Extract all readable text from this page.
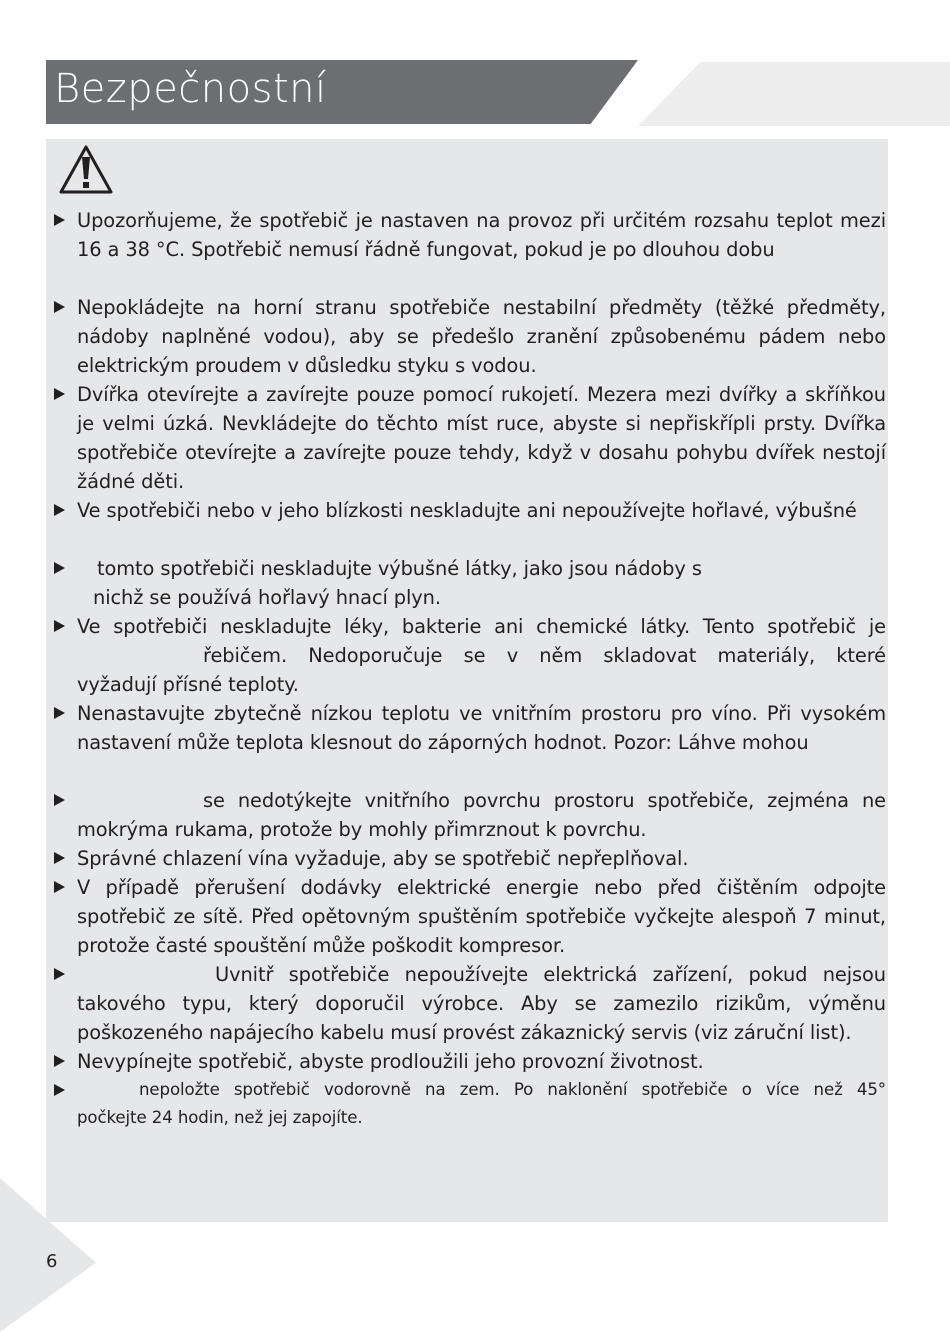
Bezpečnostní
Upozorňujeme, že spotřebič je nastaven na provoz při určitém rozsahu teplot mezi 16 a 38 °C. Spotřebič nemusí řádně fungovat, pokud je po dlouhou dobu
Nepokládejte na horní stranu spotřebiče nestabilní předměty (těžké předměty, nádoby naplněné vodou), aby se předešlo zranění způsobenému pádem nebo elektrickým proudem v důsledku styku s vodou.
Dvířka otevírejte a zavírejte pouze pomocí rukojetí. Mezera mezi dvířky a skříňkou je velmi úzká. Nevkládejte do těchto míst ruce, abyste si nepřiskřípli prsty. Dvířka spotřebiče otevírejte a zavírejte pouze tehdy, když v dosahu pohybu dvířek nestojí žádné děti.
Ve spotřebiči nebo v jeho blízkosti neskladujte ani nepoužívejte hořlavé, výbušné
tomto spotřebiči neskladujte výbušné látky, jako jsou nádoby s
nichž se používá hořlavý hnací plyn.
Ve spotřebiči neskladujte léky, bakterie ani chemické látky. Tento spotřebič je
řebičem. Nedoporučuje se v něm skladovat materiály, které
vyžadují přísné teploty.
Nenastavujte zbytečně nízkou teplotu ve vnitřním prostoru pro víno. Při vysokém nastavení může teplota klesnout do záporných hodnot. Pozor: Láhve mohou
se nedotýkejte vnitřního povrchu prostoru spotřebiče, zejména ne
mokrýma rukama, protože by mohly přimrznout k povrchu.
Správné chlazení vína vyžaduje, aby se spotřebič nepřeplňoval.
V případě přerušení dodávky elektrické energie nebo před čištěním odpojte spotřebič ze sítě. Před opětovným spuštěním spotřebiče vyčkejte alespoň 7 minut, protože časté spouštění může poškodit kompresor.
Uvnitř spotřebiče nepoužívejte elektrická zařízení, pokud nejsou
takového typu, který doporučil výrobce. Aby se zamezilo rizikům, výměnu poškozeného napájecího kabelu musí provést zákaznický servis (viz záruční list).
Nevypínejte spotřebič, abyste prodloužili jeho provozní životnost.
nepoložte spotřebič vodorovně na zem. Po naklonění spotřebiče o více než 45°
počkejte 24 hodin, než jej zapojíte.
6
